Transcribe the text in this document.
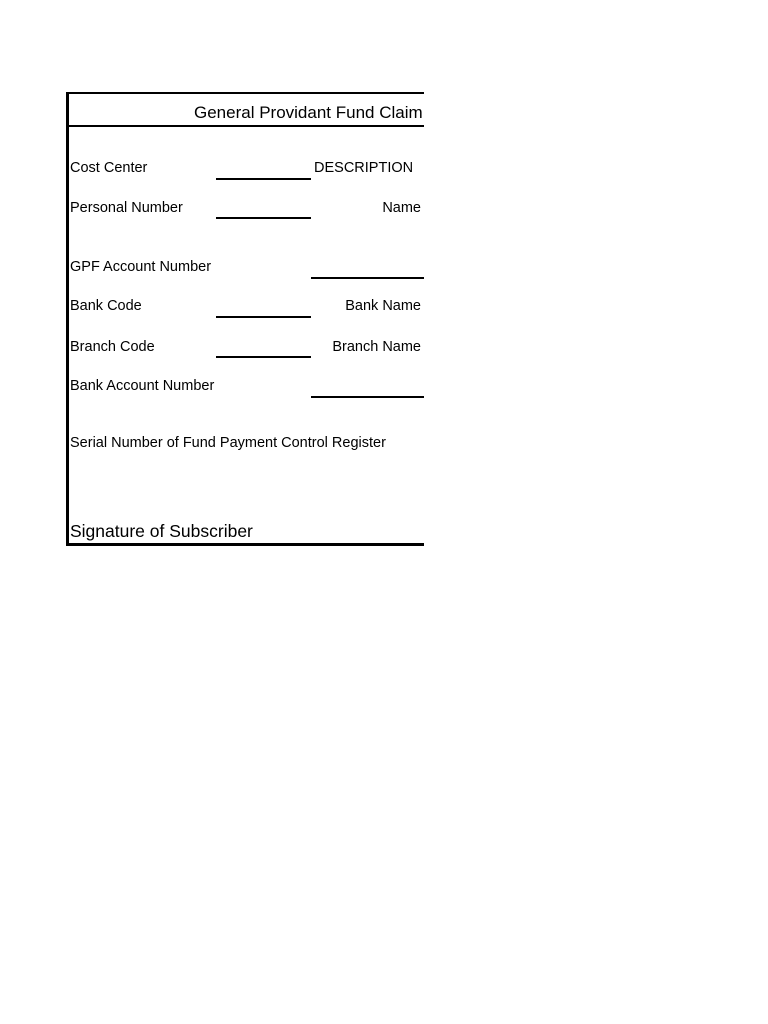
General Providant Fund Claim
Cost Center	DESCRIPTION
Personal Number	Name
GPF Account Number
Bank Code	Bank Name
Branch Code	Branch Name
Bank Account Number
Serial Number of Fund Payment Control Register
Signature of Subscriber
